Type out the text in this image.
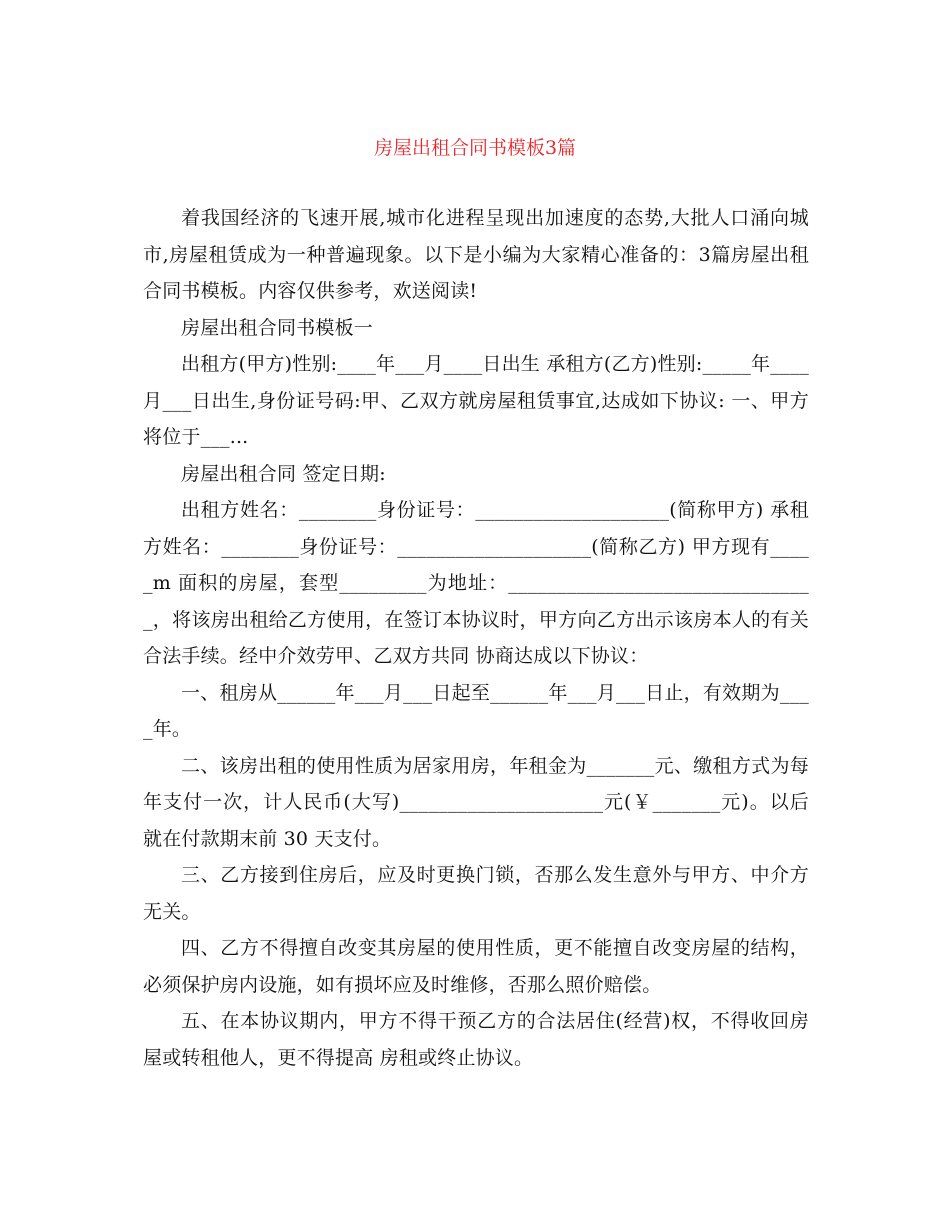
房屋出租合同书模板3篇

着我国经济的飞速开展,城市化进程呈现出加速度的态势,大批人口涌向城市,房屋租赁成为一种普遍现象。以下是小编为大家精心准备的：3篇房屋出租合同书模板。内容仅供参考，欢送阅读!

房屋出租合同书模板一

出租方(甲方)性别:____年___月____日出生 承租方(乙方)性别:_____年____月___日出生,身份证号码:甲、乙双方就房屋租赁事宜,达成如下协议: 一、甲方将位于___...

房屋出租合同 签定日期:

出租方姓名：________身份证号：____________________(简称甲方) 承租方姓名：________身份证号：____________________(简称乙方) 甲方现有_____m 面积的房屋，套型_________为地址：________________________________，将该房出租给乙方使用，在签订本协议时，甲方向乙方出示该房本人的有关合法手续。经中介效劳甲、乙双方共同 协商达成以下协议：

一、租房从______年___月___日起至______年___月___日止，有效期为____年。

二、该房出租的使用性质为居家用房，年租金为_______元、缴租方式为每年支付一次，计人民币(大写)_____________________元(￥_______元)。以后就在付款期末前 30 天支付。

三、乙方接到住房后，应及时更换门锁，否那么发生意外与甲方、中介方无关。

四、乙方不得擅自改变其房屋的使用性质，更不能擅自改变房屋的结构，必须保护房内设施，如有损坏应及时维修，否那么照价赔偿。

五、在本协议期内，甲方不得干预乙方的合法居住(经营)权，不得收回房屋或转租他人，更不得提高 房租或终止协议。
